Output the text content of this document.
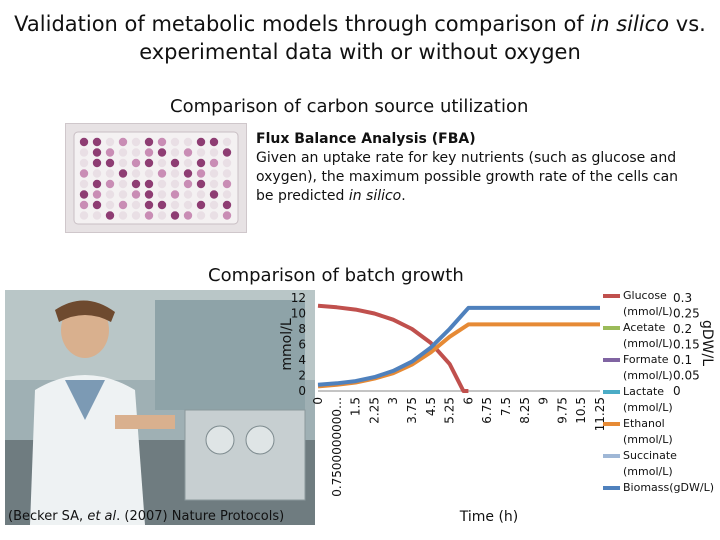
Validation of metabolic models through comparison of in silico vs. experimental data with or without oxygen
Comparison of carbon source utilization
Flux Balance Analysis (FBA)
Given an uptake rate for key nutrients (such as glucose and oxygen), the maximum possible growth rate of the cells can be predicted in silico.
Comparison of batch growth
(Becker SA, et al. (2007) Nature Protocols)
0
2
4
6
8
10
12
0
0.05
0.1
0.15
0.2
0.25
0.3
0 0.7500000000… 1.5 2.25 3 3.75 4.5 5.25 6 6.75 7.5 8.25 9 9.75 10.5 11.25
mmol/L	gDW/L
Time (h)
Glucose
(mmol/L)
Acetate
(mmol/L)
Formate
(mmol/L)
Lactate
(mmol/L)
Ethanol
(mmol/L)
Succinate
(mmol/L)
Biomass(gDW/L)
